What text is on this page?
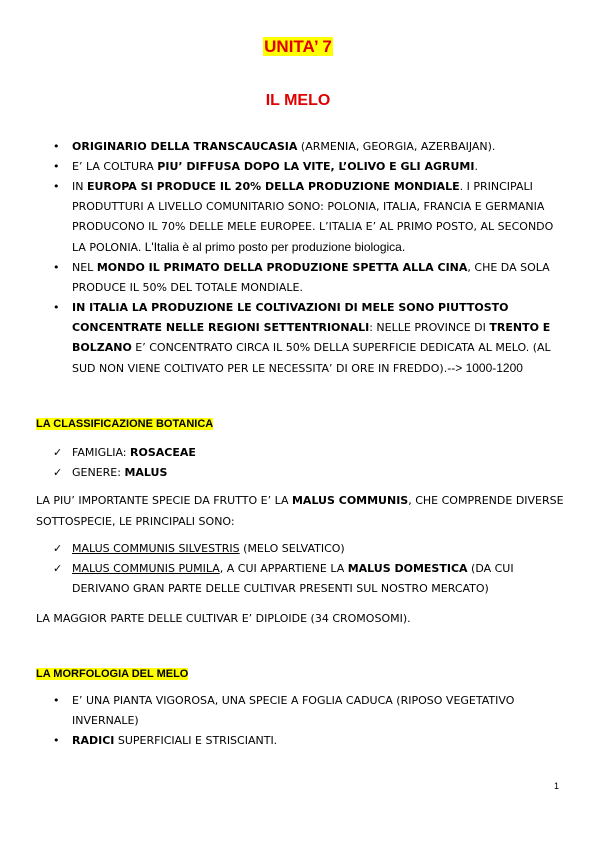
UNITA’ 7
IL MELO
• ORIGINARIO DELLA TRANSCAUCASIA (ARMENIA, GEORGIA, AZERBAIJAN).
• E’ LA COLTURA PIU’ DIFFUSA DOPO LA VITE, L’OLIVO E GLI AGRUMI.
• IN EUROPA SI PRODUCE IL 20% DELLA PRODUZIONE MONDIALE. I PRINCIPALI PRODUTTURI A LIVELLO COMUNITARIO SONO: POLONIA, ITALIA, FRANCIA E GERMANIA PRODUCONO IL 70% DELLE MELE EUROPEE. L’ITALIA E’ AL PRIMO POSTO, AL SECONDO LA POLONIA. L'Italia è al primo posto per produzione biologica.
• NEL MONDO IL PRIMATO DELLA PRODUZIONE SPETTA ALLA CINA, CHE DA SOLA PRODUCE IL 50% DEL TOTALE MONDIALE.
• IN ITALIA LA PRODUZIONE LE COLTIVAZIONI DI MELE SONO PIUTTOSTO CONCENTRATE NELLE REGIONI SETTENTRIONALI: NELLE PROVINCE DI TRENTO E BOLZANO E’ CONCENTRATO CIRCA IL 50% DELLA SUPERFICIE DEDICATA AL MELO. (AL SUD NON VIENE COLTIVATO PER LE NECESSITA’ DI ORE IN FREDDO).--> 1000-1200
LA CLASSIFICAZIONE BOTANICA
✓ FAMIGLIA: ROSACEAE
✓ GENERE: MALUS
LA PIU’ IMPORTANTE SPECIE DA FRUTTO E’ LA MALUS COMMUNIS, CHE COMPRENDE DIVERSE SOTTOSPECIE, LE PRINCIPALI SONO:
✓ MALUS COMMUNIS SILVESTRIS (MELO SELVATICO)
✓ MALUS COMMUNIS PUMILA, A CUI APPARTIENE LA MALUS DOMESTICA (DA CUI DERIVANO GRAN PARTE DELLE CULTIVAR PRESENTI SUL NOSTRO MERCATO)
LA MAGGIOR PARTE DELLE CULTIVAR E’ DIPLOIDE (34 CROMOSOMI).
LA MORFOLOGIA DEL MELO
• E’ UNA PIANTA VIGOROSA, UNA SPECIE A FOGLIA CADUCA (RIPOSO VEGETATIVO INVERNALE)
• RADICI SUPERFICIALI E STRISCIANTI.
1
